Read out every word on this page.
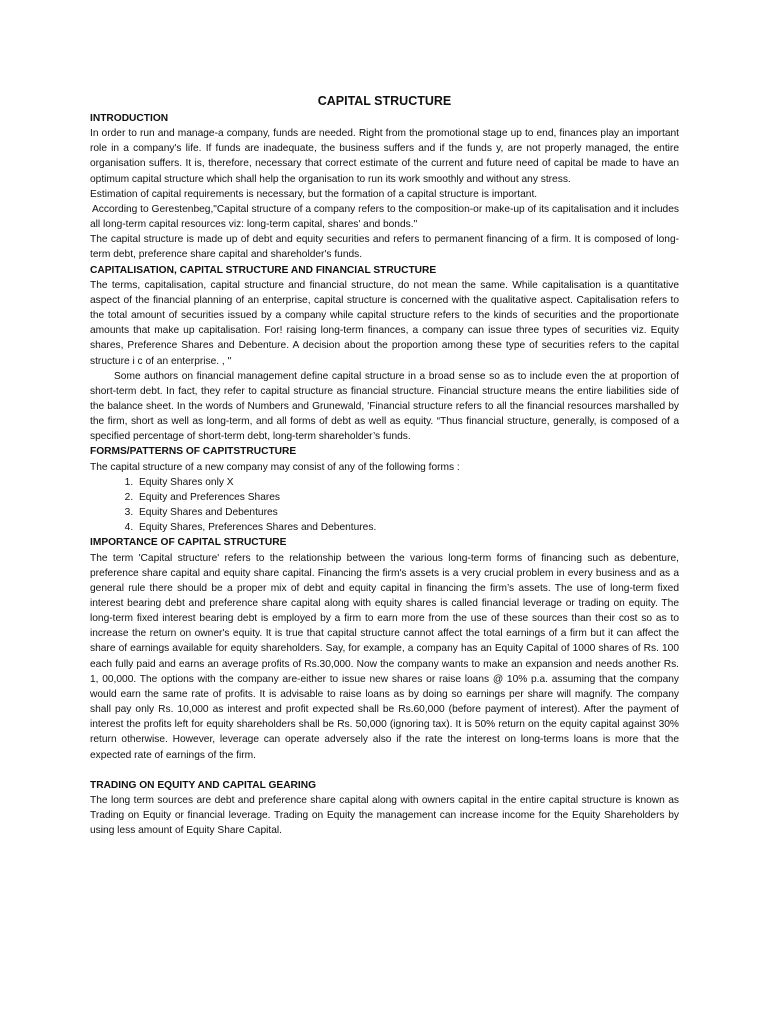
CAPITAL STRUCTURE
INTRODUCTION

In order to run and manage-a company, funds are needed. Right from the promotional stage up to end, finances play an important role in a company's life. If funds are inadequate, the business suffers and if the funds y, are not properly managed, the entire organisation suffers. It is, therefore, necessary that correct estimate of the current and future need of capital be made to have an optimum capital structure which shall help the organisation to run its work smoothly and without any stress.

Estimation of capital requirements is necessary, but the formation of a capital structure is important.

According to Gerestenbeg,"Capital structure of a company refers to the composition-or make-up of its capitalisation and it includes all long-term capital resources viz: long-term capital, shares' and bonds."

The capital structure is made up of debt and equity securities and refers to permanent financing of a firm. It is composed of long-term debt, preference share capital and shareholder's funds.

CAPITALISATION, CAPITAL STRUCTURE AND FINANCIAL STRUCTURE

The terms, capitalisation, capital structure and financial structure, do not mean the same. While capitalisation is a quantitative aspect of the financial planning of an enterprise, capital structure is concerned with the qualitative aspect. Capitalisation refers to the total amount of securities issued by a company while capital structure refers to the kinds of securities and the proportionate amounts that make up capitalisation. For! raising long-term finances, a company can issue three types of securities viz. Equity shares, Preference Shares and Debenture. A decision about the proportion among these type of securities refers to the capital structure i c of an enterprise. , "

Some authors on financial management define capital structure in a broad sense so as to include even the at proportion of short-term debt. In fact, they refer to capital structure as financial structure. Financial structure means the entire liabilities side of the balance sheet. In the words of Numbers and Grunewald, 'Financial structure refers to all the financial resources marshalled by the firm, short as well as long-term, and all forms of debt as well as equity. “Thus financial structure, generally, is composed of a specified percentage of short-term debt, long-term shareholder’s funds.

FORMS/PATTERNS OF CAPITSTRUCTURE

The capital structure of a new company may consist of any of the following forms :

1. Equity Shares only X
2. Equity and Preferences Shares
3. Equity Shares and Debentures
4. Equity Shares, Preferences Shares and Debentures.
IMPORTANCE OF CAPITAL STRUCTURE

The term 'Capital structure' refers to the relationship between the various long-term forms of financing such as debenture, preference share capital and equity share capital. Financing the firm's assets is a very crucial problem in every business and as a general rule there should be a proper mix of debt and equity capital in financing the firm’s assets. The use of long-term fixed interest bearing debt and preference share capital along with equity shares is called financial leverage or trading on equity. The long-term fixed interest bearing debt is employed by a firm to earn more from the use of these sources than their cost so as to increase the return on owner's equity. It is true that capital structure cannot affect the total earnings of a firm but it can affect the share of earnings available for equity shareholders. Say, for example, a company has an Equity Capital of 1000 shares of Rs. 100 each fully paid and earns an average profits of Rs.30,000. Now the company wants to make an expansion and needs another Rs. 1, 00,000. The options with the company are-either to issue new shares or raise loans @ 10% p.a. assuming that the company would earn the same rate of profits. It is advisable to raise loans as by doing so earnings per share will magnify. The company shall pay only Rs. 10,000 as interest and profit expected shall be Rs.60,000 (before payment of interest). After the payment of interest the profits left for equity shareholders shall be Rs. 50,000 (ignoring tax). It is 50% return on the equity capital against 30% return otherwise. However, leverage can operate adversely also if the rate the interest on long-terms loans is more that the expected rate of earnings of the firm.

TRADING ON EQUITY AND CAPITAL GEARING

The long term sources are debt and preference share capital along with owners capital in the entire capital structure is known as Trading on Equity or financial leverage. Trading on Equity the management can increase income for the Equity Shareholders by using less amount of Equity Share Capital.
